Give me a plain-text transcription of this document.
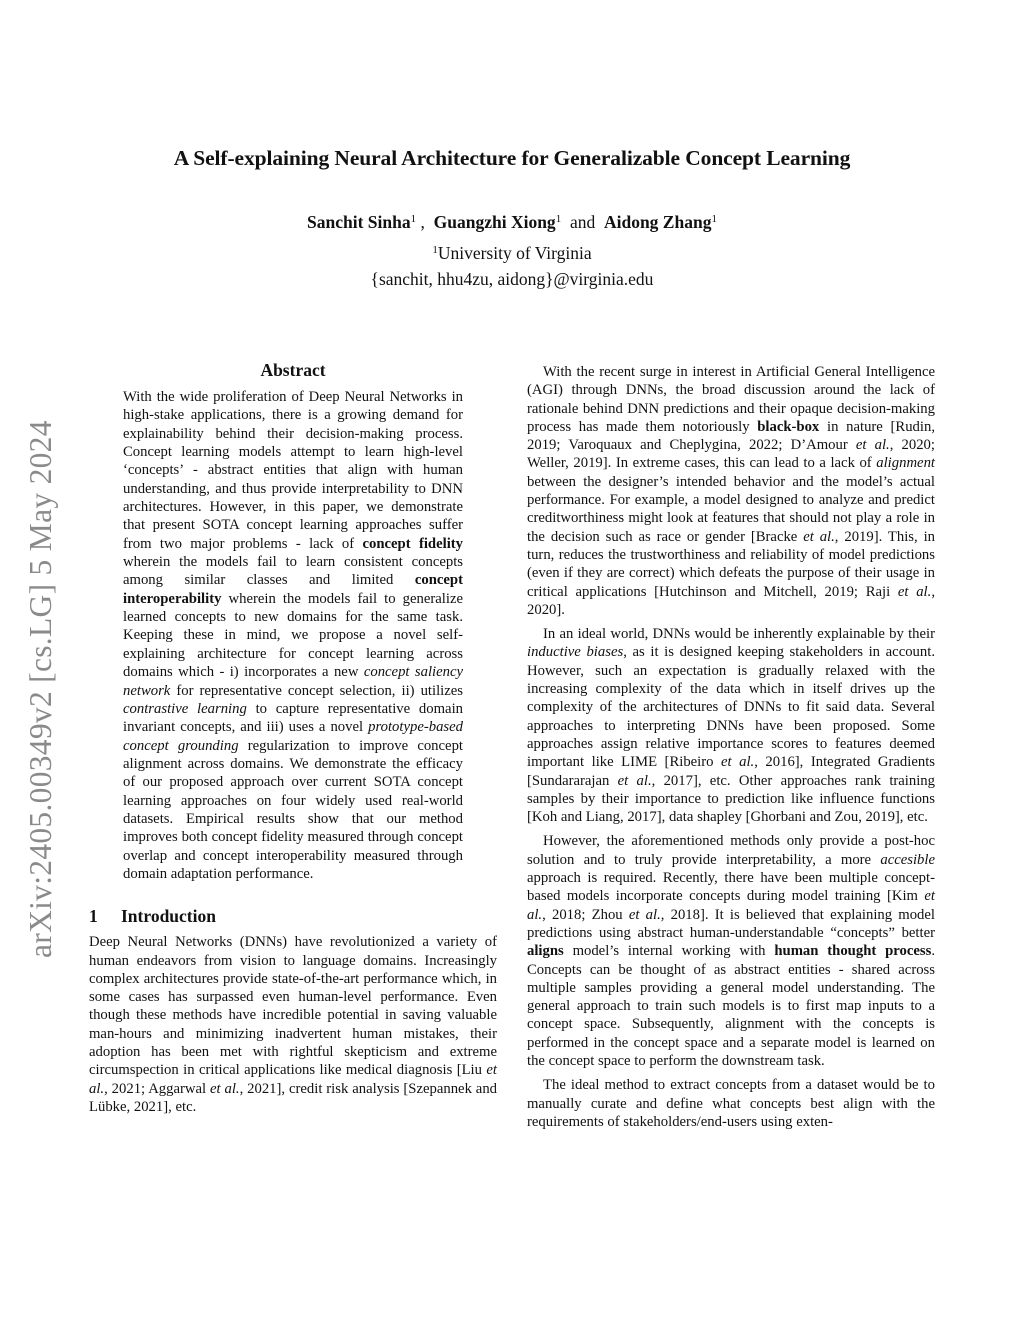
A Self-explaining Neural Architecture for Generalizable Concept Learning
Sanchit Sinha$^1$ , Guangzhi Xiong$^1$ and Aidong Zhang$^1$
$^1$University of Virginia
{sanchit, hhu4zu, aidong}@virginia.edu
arXiv:2405.00349v2 [cs.LG] 5 May 2024
Abstract

With the wide proliferation of Deep Neural Networks in high-stake applications, there is a growing demand for explainability behind their decision-making process. Concept learning models attempt to learn high-level ‘concepts’ - abstract entities that align with human understanding, and thus provide interpretability to DNN architectures. However, in this paper, we demonstrate that present SOTA concept learning approaches suffer from two major problems - lack of concept fidelity wherein the models fail to learn consistent concepts among similar classes and limited concept interoperability wherein the models fail to generalize learned concepts to new domains for the same task. Keeping these in mind, we propose a novel self-explaining architecture for concept learning across domains which - i) incorporates a new concept saliency network for representative concept selection, ii) utilizes contrastive learning to capture representative domain invariant concepts, and iii) uses a novel prototype-based concept grounding regularization to improve concept alignment across domains. We demonstrate the efficacy of our proposed approach over current SOTA concept learning approaches on four widely used real-world datasets. Empirical results show that our method improves both concept fidelity measured through concept overlap and concept interoperability measured through domain adaptation performance.

1 Introduction

Deep Neural Networks (DNNs) have revolutionized a variety of human endeavors from vision to language domains. Increasingly complex architectures provide state-of-the-art performance which, in some cases has surpassed even human-level performance. Even though these methods have incredible potential in saving valuable man-hours and minimizing inadvertent human mistakes, their adoption has been met with rightful skepticism and extreme circumspection in critical applications like medical diagnosis [Liu et al., 2021; Aggarwal et al., 2021], credit risk analysis [Szepannek and Lübke, 2021], etc.

With the recent surge in interest in Artificial General Intelligence (AGI) through DNNs, the broad discussion around the lack of rationale behind DNN predictions and their opaque decision-making process has made them notoriously black-box in nature [Rudin, 2019; Varoquaux and Cheplygina, 2022; D’Amour et al., 2020; Weller, 2019]. In extreme cases, this can lead to a lack of alignment between the designer’s intended behavior and the model’s actual performance. For example, a model designed to analyze and predict creditworthiness might look at features that should not play a role in the decision such as race or gender [Bracke et al., 2019]. This, in turn, reduces the trustworthiness and reliability of model predictions (even if they are correct) which defeats the purpose of their usage in critical applications [Hutchinson and Mitchell, 2019; Raji et al., 2020].

In an ideal world, DNNs would be inherently explainable by their inductive biases, as it is designed keeping stakeholders in account. However, such an expectation is gradually relaxed with the increasing complexity of the data which in itself drives up the complexity of the architectures of DNNs to fit said data. Several approaches to interpreting DNNs have been proposed. Some approaches assign relative importance scores to features deemed important like LIME [Ribeiro et al., 2016], Integrated Gradients [Sundararajan et al., 2017], etc. Other approaches rank training samples by their importance to prediction like influence functions [Koh and Liang, 2017], data shapley [Ghorbani and Zou, 2019], etc.

However, the aforementioned methods only provide a post-hoc solution and to truly provide interpretability, a more accesible approach is required. Recently, there have been multiple concept-based models incorporate concepts during model training [Kim et al., 2018; Zhou et al., 2018]. It is believed that explaining model predictions using abstract human-understandable “concepts” better aligns model’s internal working with human thought process. Concepts can be thought of as abstract entities - shared across multiple samples providing a general model understanding. The general approach to train such models is to first map inputs to a concept space. Subsequently, alignment with the concepts is performed in the concept space and a separate model is learned on the concept space to perform the downstream task.

The ideal method to extract concepts from a dataset would be to manually curate and define what concepts best align with the requirements of stakeholders/end-users using exten-
